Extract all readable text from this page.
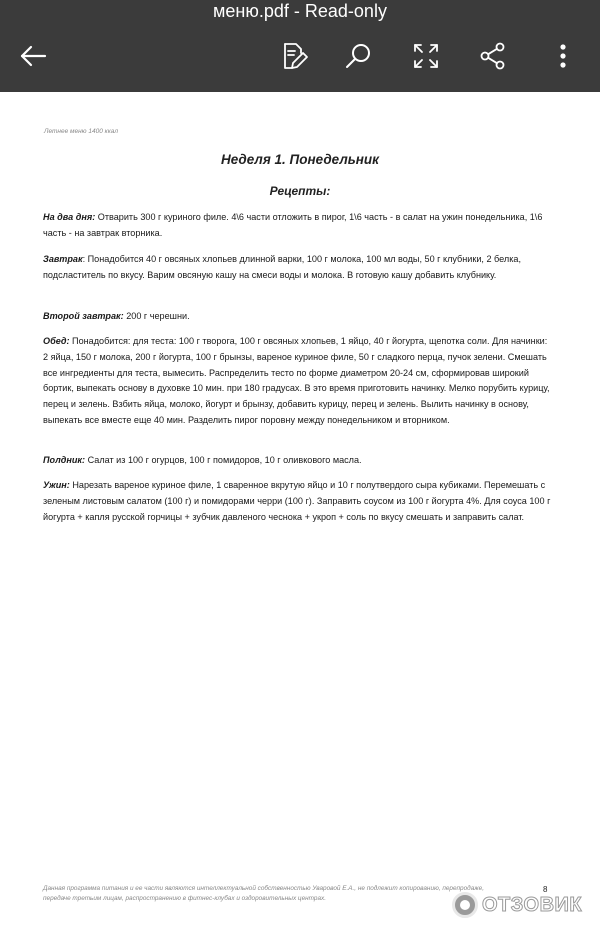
меню.pdf - Read-only
Летнее меню 1400 ккал
Неделя 1. Понедельник
Рецепты:
На два дня: Отварить 300 г куриного филе. 4\6 части отложить в пирог, 1\6 часть - в салат на ужин понедельника, 1\6 часть - на завтрак вторника.
Завтрак: Понадобится 40 г овсяных хлопьев длинной варки, 100 г молока, 100 мл воды, 50 г клубники, 2 белка, подсластитель по вкусу. Варим овсяную кашу на смеси воды и молока. В готовую кашу добавить клубнику.
Второй завтрак: 200 г черешни.
Обед: Понадобится: для теста: 100 г творога, 100 г овсяных хлопьев, 1 яйцо, 40 г йогурта, щепотка соли. Для начинки: 2 яйца, 150 г молока, 200 г йогурта, 100 г брынзы, вареное куриное филе, 50 г сладкого перца, пучок зелени. Смешать все ингредиенты для теста, вымесить. Распределить тесто по форме диаметром 20-24 см, сформировав широкий бортик, выпекать основу в духовке 10 мин. при 180 градусах. В это время приготовить начинку. Мелко порубить курицу, перец и зелень. Взбить яйца, молоко, йогурт и брынзу, добавить курицу, перец и зелень. Вылить начинку в основу, выпекать все вместе еще 40 мин. Разделить пирог поровну между понедельником и вторником.
Полдник: Салат из 100 г огурцов, 100 г помидоров, 10 г оливкового масла.
Ужин: Нарезать вареное куриное филе, 1 сваренное вкрутую яйцо и 10 г полутвердого сыра кубиками. Перемешать с зеленым листовым салатом (100 г) и помидорами черри (100 г). Заправить соусом из 100 г йогурта 4%. Для соуса 100 г йогурта + капля русской горчицы + зубчик давленого чеснока + укроп + соль по вкусу смешать и заправить салат.
Данная программа питания и ее части являются интеллектуальной собственностью Уваровой Е.А., не подлежит копированию, перепродаже, передаче третьим лицам, распространению в фитнес-клубах и оздоровительных центрах.
8
ОТЗОВИК
